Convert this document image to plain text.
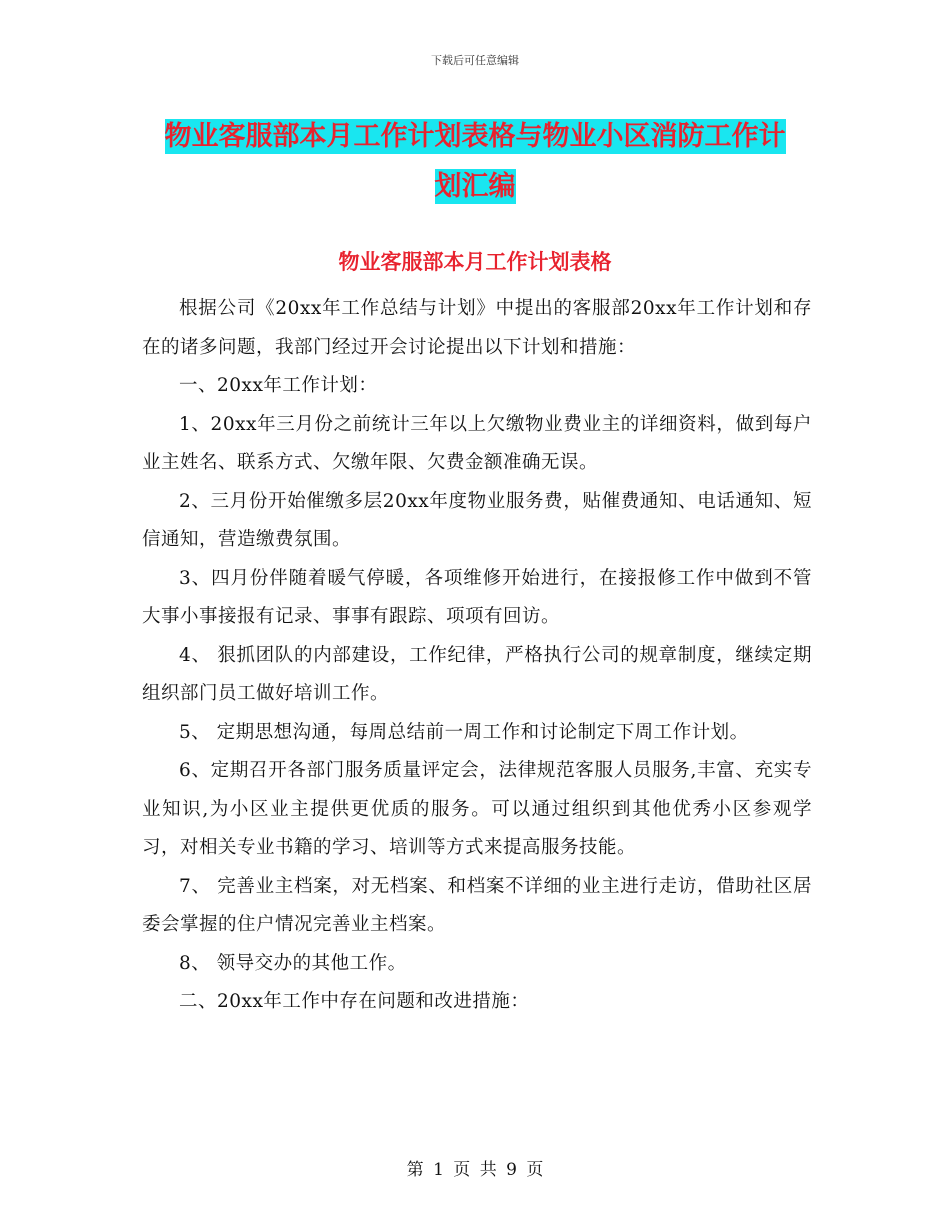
下载后可任意编辑
物业客服部本月工作计划表格与物业小区消防工作计
划汇编
物业客服部本月工作计划表格

根据公司《20xx年工作总结与计划》中提出的客服部20xx年工作计划和存在的诸多问题，我部门经过开会讨论提出以下计划和措施：

一、20xx年工作计划：

1、20xx年三月份之前统计三年以上欠缴物业费业主的详细资料，做到每户业主姓名、联系方式、欠缴年限、欠费金额准确无误。

2、三月份开始催缴多层20xx年度物业服务费，贴催费通知、电话通知、短信通知，营造缴费氛围。

3、四月份伴随着暖气停暖，各项维修开始进行，在接报修工作中做到不管大事小事接报有记录、事事有跟踪、项项有回访。

4、 狠抓团队的内部建设，工作纪律，严格执行公司的规章制度，继续定期组织部门员工做好培训工作。

5、 定期思想沟通，每周总结前一周工作和讨论制定下周工作计划。

6、定期召开各部门服务质量评定会，法律规范客服人员服务,丰富、充实专业知识,为小区业主提供更优质的服务。可以通过组织到其他优秀小区参观学习，对相关专业书籍的学习、培训等方式来提高服务技能。

7、 完善业主档案，对无档案、和档案不详细的业主进行走访，借助社区居委会掌握的住户情况完善业主档案。

8、 领导交办的其他工作。

二、20xx年工作中存在问题和改进措施：

第 1 页 共 9 页
